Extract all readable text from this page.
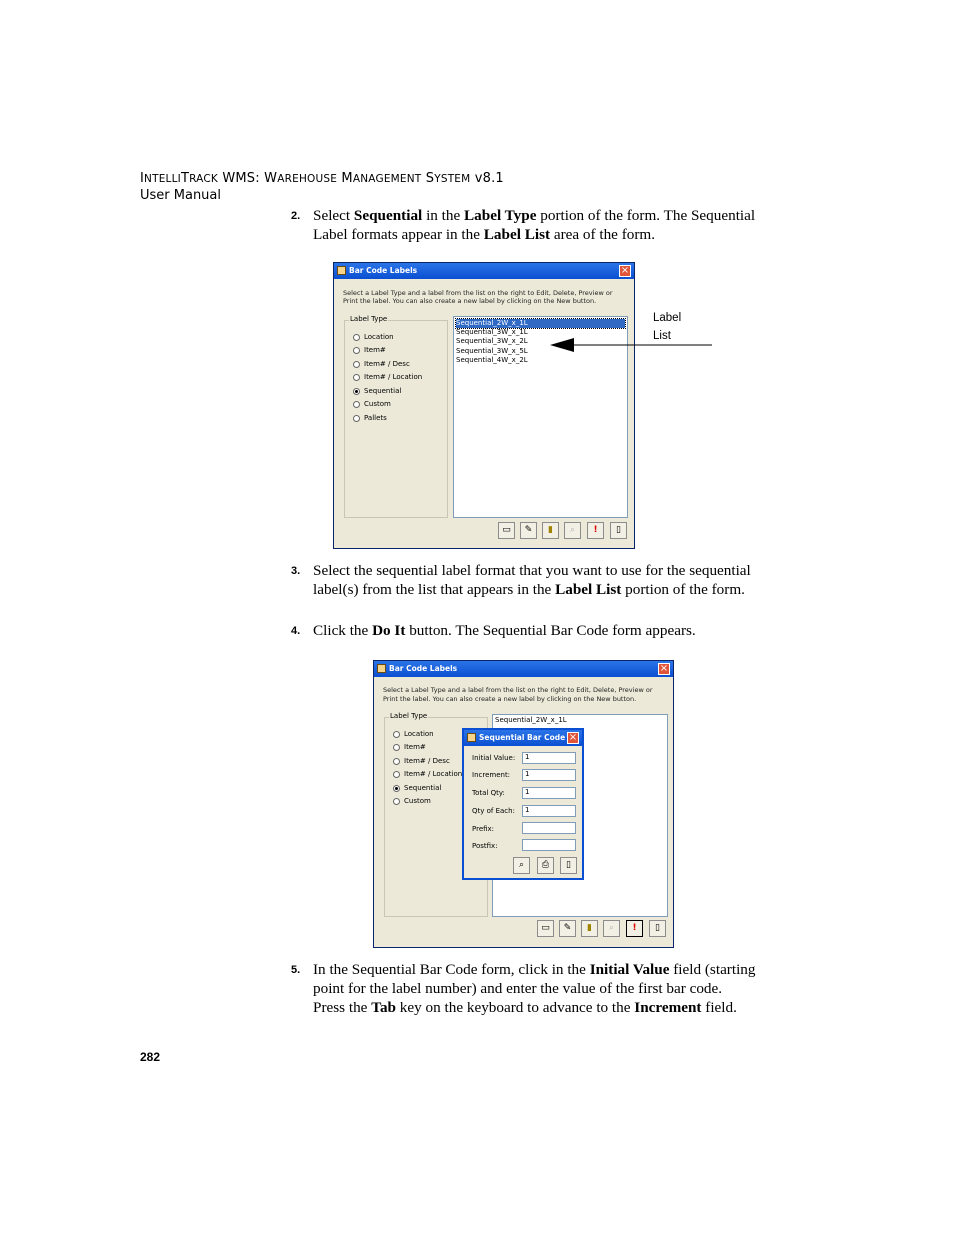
INTELLITRACK WMS: WAREHOUSE MANAGEMENT SYSTEM v8.1
User Manual
2. Select Sequential in the Label Type portion of the form. The Sequential Label formats appear in the Label List area of the form.
Bar Code Labels	×
Select a Label Type and a label from the list on the right to Edit, Delete, Preview or
Print the label. You can also create a new label by clicking on the New button.
Label Type
Location
Item#
Item# / Desc
Item# / Location
Sequential
Custom
Pallets
Sequential_2W_x_1L
Sequential_3W_x_1L
Sequential_3W_x_2L
Sequential_3W_x_5L
Sequential_4W_x_2L
▭	✎	▮	⌕	!	▯
Label
List
3. Select the sequential label format that you want to use for the sequential label(s) from the list that appears in the Label List portion of the form.
4. Click the Do It button. The Sequential Bar Code form appears.
Bar Code Labels	×
Select a Label Type and a label from the list on the right to Edit, Delete, Preview or
Print the label. You can also create a new label by clicking on the New button.
Label Type
Location
Item#
Item# / Desc
Item# / Location
Sequential
Custom
Sequential_2W_x_1L
▭	✎	▮	⌕	!	▯
Sequential Bar Code ×
Initial Value:	1
Increment:	1
Total Qty:	1
Qty of Each:	1
Prefix:
Postfix:
⌕	⎙	▯
5. In the Sequential Bar Code form, click in the Initial Value field (starting point for the label number) and enter the value of the first bar code. Press the Tab key on the keyboard to advance to the Increment field.
282
